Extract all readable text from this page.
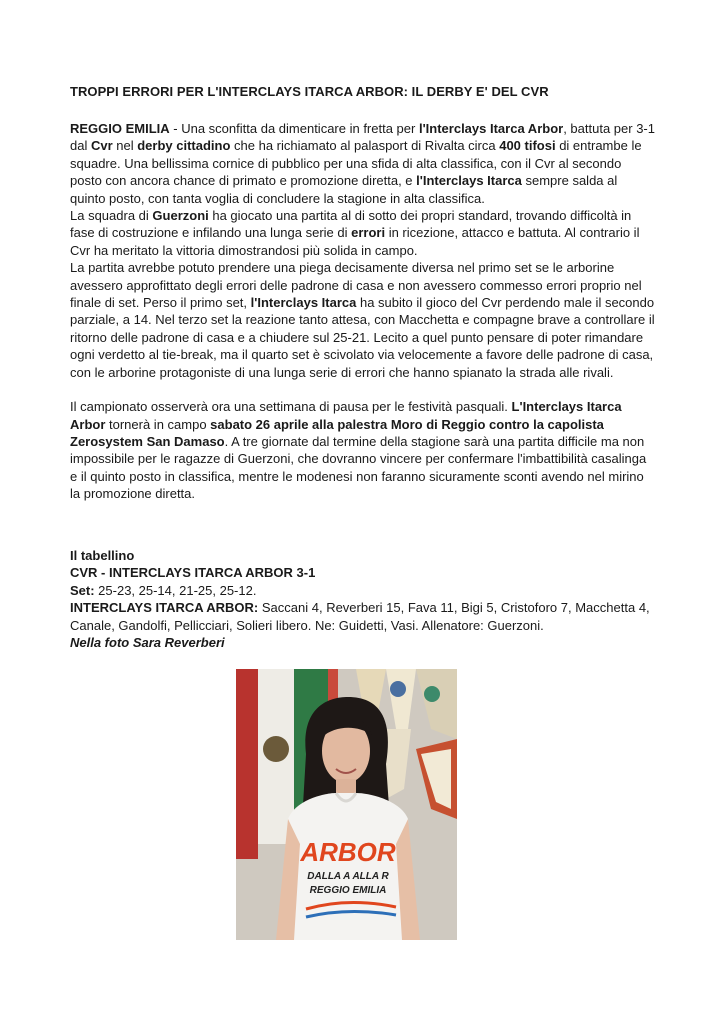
TROPPI ERRORI PER L'INTERCLAYS ITARCA ARBOR: IL DERBY E' DEL CVR

REGGIO EMILIA - Una sconfitta da dimenticare in fretta per l'Interclays Itarca Arbor, battuta per 3-1 dal Cvr nel derby cittadino che ha richiamato al palasport di Rivalta circa 400 tifosi di entrambe le squadre. Una bellissima cornice di pubblico per una sfida di alta classifica, con il Cvr al secondo posto con ancora chance di primato e promozione diretta, e l'Interclays Itarca sempre salda al quinto posto, con tanta voglia di concludere la stagione in alta classifica.

La squadra di Guerzoni ha giocato una partita al di sotto dei propri standard, trovando difficoltà in fase di costruzione e infilando una lunga serie di errori in ricezione, attacco e battuta. Al contrario il Cvr ha meritato la vittoria dimostrandosi più solida in campo.

La partita avrebbe potuto prendere una piega decisamente diversa nel primo set se le arborine avessero approfittato degli errori delle padrone di casa e non avessero commesso errori proprio nel finale di set. Perso il primo set, l'Interclays Itarca ha subito il gioco del Cvr perdendo male il secondo parziale, a 14. Nel terzo set la reazione tanto attesa, con Macchetta e compagne brave a controllare il ritorno delle padrone di casa e a chiudere sul 25-21. Lecito a quel punto pensare di poter rimandare ogni verdetto al tie-break, ma il quarto set è scivolato via velocemente a favore delle padrone di casa, con le arborine protagoniste di una lunga serie di errori che hanno spianato la strada alle rivali.

Il campionato osserverà ora una settimana di pausa per le festività pasquali. L'Interclays Itarca Arbor tornerà in campo sabato 26 aprile alla palestra Moro di Reggio contro la capolista Zerosystem San Damaso. A tre giornate dal termine della stagione sarà una partita difficile ma non impossibile per le ragazze di Guerzoni, che dovranno vincere per confermare l'imbattibilità casalinga e il quinto posto in classifica, mentre le modenesi non faranno sicuramente sconti avendo nel mirino la promozione diretta.

Il tabellino

CVR - INTERCLAYS ITARCA ARBOR 3-1

Set: 25-23, 25-14, 21-25, 25-12.

INTERCLAYS ITARCA ARBOR: Saccani 4, Reverberi 15, Fava 11, Bigi 5, Cristoforo 7, Macchetta 4, Canale, Gandolfi, Pellicciari, Solieri libero. Ne: Guidetti, Vasi. Allenatore: Guerzoni.

Nella foto Sara Reverberi

ARBOR
DALLA A ALLA R
REGGIO EMILIA
